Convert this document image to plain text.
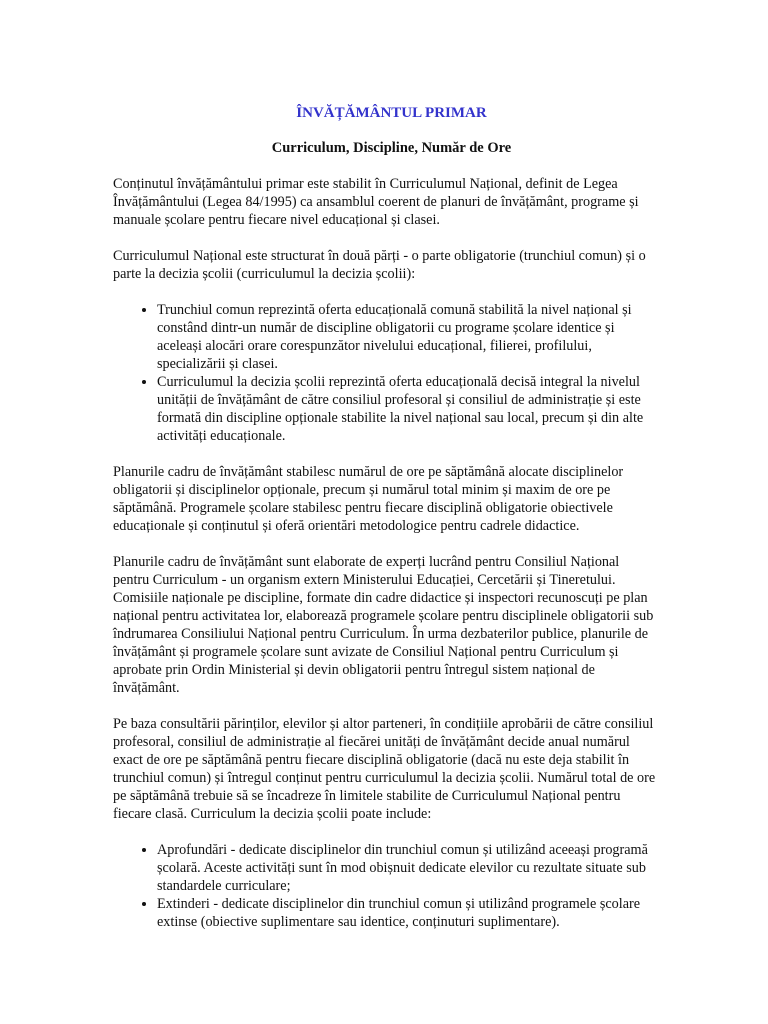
ÎNVĂȚĂMÂNTUL PRIMAR
Curriculum, Discipline, Număr de Ore

Conținutul învățământului primar este stabilit în Curriculumul Național, definit de Legea Învățământului (Legea 84/1995) ca ansamblul coerent de planuri de învățământ, programe și manuale școlare pentru fiecare nivel educațional și clasei.

Curriculumul Național este structurat în două părți - o parte obligatorie (trunchiul comun) și o parte la decizia școlii (curriculumul la decizia școlii):

• Trunchiul comun reprezintă oferta educațională comună stabilită la nivel național și constând dintr-un număr de discipline obligatorii cu programe școlare identice și aceleași alocări orare corespunzător nivelului educațional, filierei, profilului, specializării și clasei.
• Curriculumul la decizia școlii reprezintă oferta educațională decisă integral la nivelul unității de învățământ de către consiliul profesoral și consiliul de administrație și este formată din discipline opționale stabilite la nivel național sau local, precum și din alte activități educaționale.

Planurile cadru de învățământ stabilesc numărul de ore pe săptămână alocate disciplinelor obligatorii și disciplinelor opționale, precum și numărul total minim și maxim de ore pe săptămână. Programele școlare stabilesc pentru fiecare disciplină obligatorie obiectivele educaționale și conținutul și oferă orientări metodologice pentru cadrele didactice.

Planurile cadru de învățământ sunt elaborate de experți lucrând pentru Consiliul Național pentru Curriculum - un organism extern Ministerului Educației, Cercetării și Tineretului. Comisiile naționale pe discipline, formate din cadre didactice și inspectori recunoscuți pe plan național pentru activitatea lor, elaborează programele școlare pentru disciplinele obligatorii sub îndrumarea Consiliului Național pentru Curriculum. În urma dezbaterilor publice, planurile de învățământ și programele școlare sunt avizate de Consiliul Național pentru Curriculum și aprobate prin Ordin Ministerial și devin obligatorii pentru întregul sistem național de învățământ.

Pe baza consultării părinților, elevilor și altor parteneri, în condițiile aprobării de către consiliul profesoral, consiliul de administrație al fiecărei unități de învățământ decide anual numărul exact de ore pe săptămână pentru fiecare disciplină obligatorie (dacă nu este deja stabilit în trunchiul comun) și întregul conținut pentru curriculumul la decizia școlii. Numărul total de ore pe săptămână trebuie să se încadreze în limitele stabilite de Curriculumul Național pentru fiecare clasă. Curriculum la decizia școlii poate include:

• Aprofundări - dedicate disciplinelor din trunchiul comun și utilizând aceeași programă școlară. Aceste activități sunt în mod obișnuit dedicate elevilor cu rezultate situate sub standardele curriculare;
• Extinderi - dedicate disciplinelor din trunchiul comun și utilizând programele școlare extinse (obiective suplimentare sau identice, conținuturi suplimentare).
